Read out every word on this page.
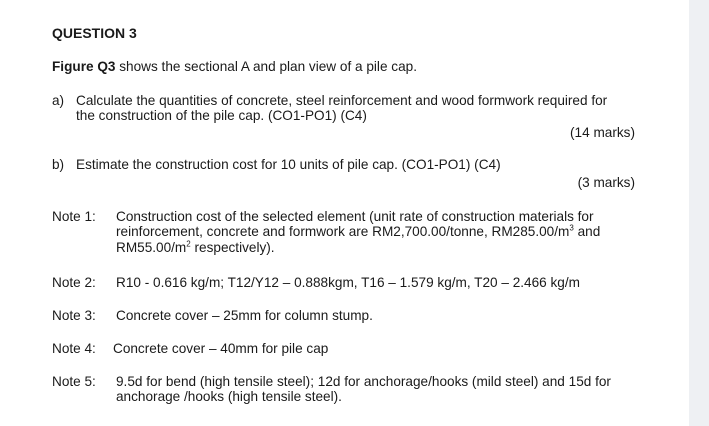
QUESTION 3
Figure Q3 shows the sectional A and plan view of a pile cap.
a) Calculate the quantities of concrete, steel reinforcement and wood formwork required for
the construction of the pile cap. (CO1-PO1) (C4)
(14 marks)
b) Estimate the construction cost for 10 units of pile cap. (CO1-PO1) (C4)
(3 marks)
Note 1: Construction cost of the selected element (unit rate of construction materials for
reinforcement, concrete and formwork are RM2,700.00/tonne, $RM285.00/m^3$ and
$RM55.00/m^2$ respectively).
Note 2: R10 - 0.616 kg/m; T12/Y12 – 0.888kgm, T16 – 1.579 kg/m, T20 – 2.466 kg/m
Note 3: Concrete cover – 25mm for column stump.
Note 4: Concrete cover – 40mm for pile cap
Note 5: 9.5d for bend (high tensile steel); 12d for anchorage/hooks (mild steel) and 15d for
anchorage /hooks (high tensile steel).
